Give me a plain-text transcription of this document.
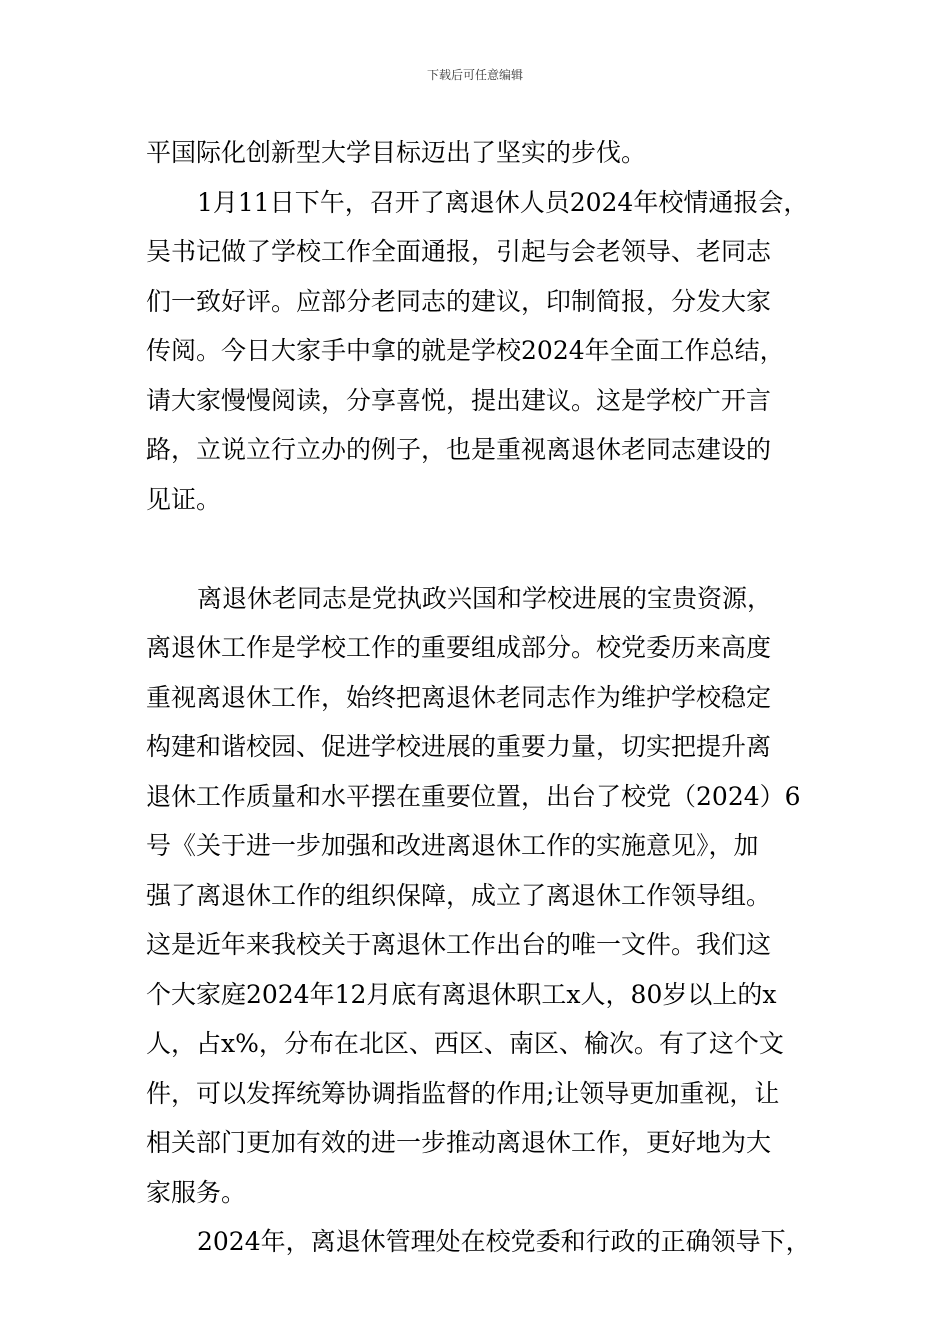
下载后可任意编辑
平国际化创新型大学目标迈出了坚实的步伐。
1月11日下午，召开了离退休人员2024年校情通报会，
吴书记做了学校工作全面通报，引起与会老领导、老同志
们一致好评。应部分老同志的建议，印制简报，分发大家
传阅。今日大家手中拿的就是学校2024年全面工作总结，
请大家慢慢阅读，分享喜悦，提出建议。这是学校广开言
路，立说立行立办的例子，也是重视离退休老同志建设的
见证。
离退休老同志是党执政兴国和学校进展的宝贵资源，
离退休工作是学校工作的重要组成部分。校党委历来高度
重视离退休工作，始终把离退休老同志作为维护学校稳定
构建和谐校园、促进学校进展的重要力量，切实把提升离
退休工作质量和水平摆在重要位置，出台了校党（2024）6
号《关于进一步加强和改进离退休工作的实施意见》，加
强了离退休工作的组织保障，成立了离退休工作领导组。
这是近年来我校关于离退休工作出台的唯一文件。我们这
个大家庭2024年12月底有离退休职工x人，80岁以上的x
人，占x%，分布在北区、西区、南区、榆次。有了这个文
件，可以发挥统筹协调指监督的作用;让领导更加重视，让
相关部门更加有效的进一步推动离退休工作，更好地为大
家服务。
2024年，离退休管理处在校党委和行政的正确领导下，
